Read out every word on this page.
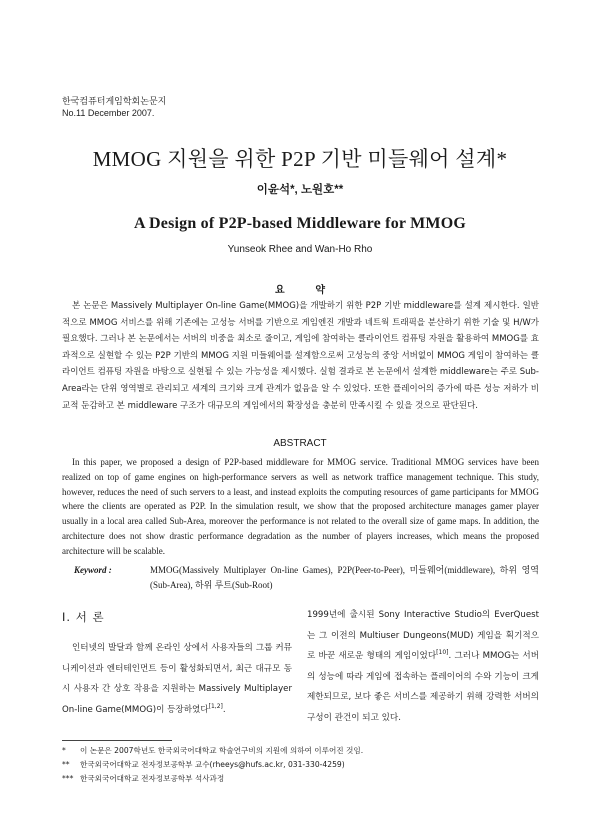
한국컴퓨터게임학회논문지
No.11 December 2007.
MMOG 지원을 위한 P2P 기반 미들웨어 설계*
이윤석*, 노원호**
A Design of P2P-based Middleware for MMOG
Yunseok Rhee and Wan-Ho Rho
요 약
본 논문은 Massively Multiplayer On-line Game(MMOG)을 개발하기 위한 P2P 기반 middleware를 설계 제시한다. 일반적으로 MMOG 서비스를 위해 기존에는 고성능 서버를 기반으로 게임엔진 개발과 네트웍 트래픽을 분산하기 위한 기술 및 H/W가 필요했다. 그러나 본 논문에서는 서버의 비중을 최소로 줄이고, 게임에 참여하는 클라이언트 컴퓨팅 자원을 활용하여 MMOG를 효과적으로 실현할 수 있는 P2P 기반의 MMOG 지원 미들웨어를 설계함으로써 고성능의 중앙 서버없이 MMOG 게임이 참여하는 클라이언트 컴퓨팅 자원을 바탕으로 실현될 수 있는 가능성을 제시했다. 실험 결과로 본 논문에서 설계한 middleware는 주로 Sub-Area라는 단위 영역별로 관리되고 세계의 크기와 크게 관계가 없음을 알 수 있었다. 또한 플레이어의 증가에 따른 성능 저하가 비교적 둔감하고 본 middleware 구조가 대규모의 게임에서의 확장성을 충분히 만족시킬 수 있을 것으로 판단된다.
ABSTRACT
In this paper, we proposed a design of P2P-based middleware for MMOG service. Traditional MMOG services have been realized on top of game engines on high-performance servers as well as network traffice management technique. This study, however, reduces the need of such servers to a least, and instead exploits the computing resources of game participants for MMOG where the clients are operated as P2P. In the simulation result, we show that the proposed architecture manages gamer player usually in a local area called Sub-Area, moreover the performance is not related to the overall size of game maps. In addition, the architecture does not show drastic performance degradation as the number of players increases, which means the proposed architecture will be scalable.
Keyword :	MMOG(Massively Multiplayer On-line Games), P2P(Peer-to-Peer), 미들웨어(middleware), 하위 영역(Sub-Area), 하위 루트(Sub-Root)
Ⅰ. 서 론
인터넷의 발달과 함께 온라인 상에서 사용자들의 그룹 커뮤니케이션과 엔터테인먼트 등이 활성화되면서, 최근 대규모 동시 사용자 간 상호 작용을 지원하는 Massively Multiplayer On-line Game(MMOG)이 등장하였다[1,2].
1999년에 출시된 Sony Interactive Studio의 EverQuest는 그 이전의 Multiuser Dungeons(MUD) 게임을 획기적으로 바꾼 새로운 형태의 게임이었다[10]. 그러나 MMOG는 서버의 성능에 따라 게임에 접속하는 플레이어의 수와 기능이 크게 제한되므로, 보다 좋은 서비스를 제공하기 위해 강력한 서버의 구성이 관건이 되고 있다.
*	이 논문은 2007학년도 한국외국어대학교 학술연구비의 지원에 의하여 이루어진 것임.
**	한국외국어대학교 전자정보공학부 교수(rheeys@hufs.ac.kr, 031-330-4259)
*** 한국외국어대학교 전자정보공학부 석사과정
